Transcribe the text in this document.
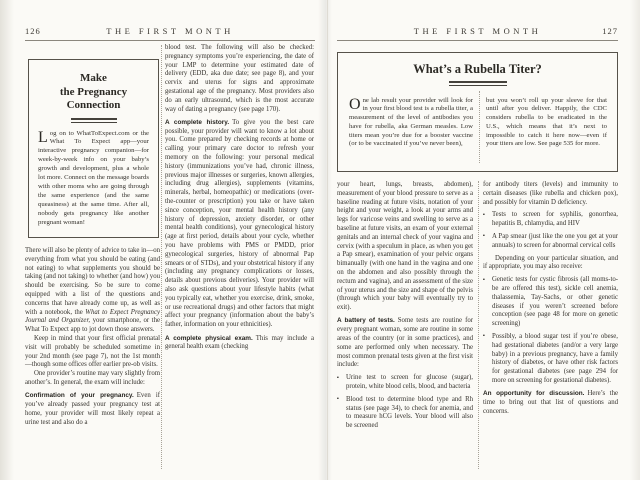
126	THE FIRST MONTH
Make
the Pregnancy
Connection

Log on to WhatToExpect.com or the What To Expect app—your interactive pregnancy companion—for week-by-week info on your baby’s growth and development, plus a whole lot more. Connect on the message boards with other moms who are going through the same experience (and the same queasiness) at the same time. After all, nobody gets pregnancy like another pregnant woman!

There will also be plenty of advice to take in—on everything from what you should be eating (and not eating) to what supplements you should be taking (and not taking) to whether (and how) you should be exercising. So be sure to come equipped with a list of the questions and concerns that have already come up, as well as with a notebook, the What to Expect Pregnancy Journal and Organizer, your smartphone, or the What To Expect app to jot down those answers.

Keep in mind that your first official prenatal visit will probably be scheduled sometime in your 2nd month (see page 7), not the 1st month—though some offices offer earlier pre-ob visits.

One provider’s routine may vary slightly from another’s. In general, the exam will include:

Confirmation of your pregnancy. Even if you’ve already passed your pregnancy test at home, your provider will most likely repeat a urine test and also do a

blood test. The following will also be checked: pregnancy symptoms you’re experiencing, the date of your LMP to determine your estimated date of delivery (EDD, aka due date; see page 8), and your cervix and uterus for signs and approximate gestational age of the pregnancy. Most providers also do an early ultrasound, which is the most accurate way of dating a pregnancy (see page 170).

A complete history. To give you the best care possible, your provider will want to know a lot about you. Come prepared by checking records at home or calling your primary care doctor to refresh your memory on the following: your personal medical history (immunizations you’ve had, chronic illness, previous major illnesses or surgeries, known allergies, including drug allergies), supplements (vitamins, minerals, herbal, homeopathic) or medications (over-the-counter or prescription) you take or have taken since conception, your mental health history (any history of depression, anxiety disorder, or other mental health conditions), your gynecological history (age at first period, details about your cycle, whether you have problems with PMS or PMDD, prior gynecological surgeries, history of abnormal Pap smears or of STDs), and your obstetrical history if any (including any pregnancy complications or losses, details about previous deliveries). Your provider will also ask questions about your lifestyle habits (what you typically eat, whether you exercise, drink, smoke, or use recreational drugs) and other factors that might affect your pregnancy (information about the baby’s father, information on your ethnicities).

A complete physical exam. This may include a general health exam (checking

THE FIRST MONTH	127
What’s a Rubella Titer?

One lab result your provider will look for in your first blood test is a rubella titer, a measurement of the level of antibodies you have for rubella, aka German measles. Low titers mean you’re due for a booster vaccine (or to be vaccinated if you’ve never been),

but you won’t roll up your sleeve for that until after you deliver. Happily, the CDC considers rubella to be eradicated in the U.S., which means that it’s next to impossible to catch it here now—even if your titers are low. See page 535 for more.

your heart, lungs, breasts, abdomen), measurement of your blood pressure to serve as a baseline reading at future visits, notation of your height and your weight, a look at your arms and legs for varicose veins and swelling to serve as a baseline at future visits, an exam of your external genitals and an internal check of your vagina and cervix (with a speculum in place, as when you get a Pap smear), examination of your pelvic organs bimanually (with one hand in the vagina and one on the abdomen and also possibly through the rectum and vagina), and an assessment of the size of your uterus and the size and shape of the pelvis (through which your baby will eventually try to exit).

A battery of tests. Some tests are routine for every pregnant woman, some are routine in some areas of the country (or in some practices), and some are performed only when necessary. The most common prenatal tests given at the first visit include:

▪ Urine test to screen for glucose (sugar), protein, white blood cells, blood, and bacteria
▪ Blood test to determine blood type and Rh status (see page 34), to check for anemia, and to measure hCG levels. Your blood will also be screened

for antibody titers (levels) and immunity to certain diseases (like rubella and chicken pox), and possibly for vitamin D deficiency.

▪ Tests to screen for syphilis, gonorrhea, hepatitis B, chlamydia, and HIV
▪ A Pap smear (just like the one you get at your annuals) to screen for abnormal cervical cells

Depending on your particular situation, and if appropriate, you may also receive:

▪ Genetic tests for cystic fibrosis (all moms-to-be are offered this test), sickle cell anemia, thalassemia, Tay-Sachs, or other genetic diseases if you weren’t screened before conception (see page 48 for more on genetic screening)
▪ Possibly, a blood sugar test if you’re obese, had gestational diabetes (and/or a very large baby) in a previous pregnancy, have a family history of diabetes, or have other risk factors for gestational diabetes (see page 294 for more on screening for gestational diabetes).

An opportunity for discussion. Here’s the time to bring out that list of questions and concerns.
